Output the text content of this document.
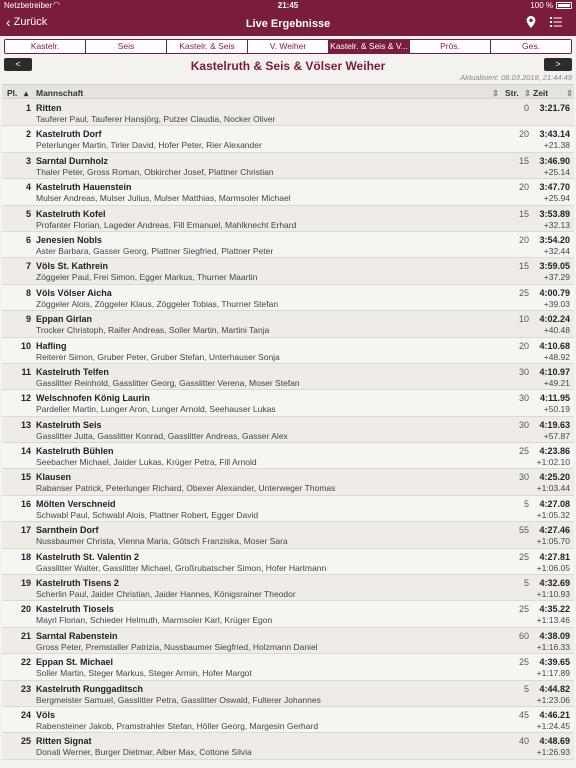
Netzbetreiber ◠	21:45	100 %
‹ Zurück	Live Ergebnisse
Kastelr.	Seis	Kastelr. & Seis	V. Weiher	Kastelr. & Seis & V...	Prös.	Ges.
<	Kastelruth & Seis & Völser Weiher	>
Aktualisiert: 08.03.2018, 21:44:49
Pl. ▴ Mannschaft	⇕ Str. ⇕ Zeit ⇕
1 Ritten
Tauferer Paul, Tauferer Hansjörg, Putzer Claudia, Nocker Oliver
0	3:21.76
2 Kastelruth Dorf
Peterlunger Martin, Tirler David, Hofer Peter, Rier Alexander
20	3:43.14
+21.38
3 Sarntal Durnholz
Thaler Peter, Gross Roman, Obkircher Josef, Plattner Christian
15	3:46.90
+25.14
4 Kastelruth Hauenstein
Mulser Andreas, Mulser Julius, Mulser Matthias, Marmsoler Michael
20	3:47.70
+25.94
5 Kastelruth Kofel
Profanter Florian, Lageder Andreas, Fill Emanuel, Mahlknecht Erhard
15	3:53.89
+32.13
6 Jenesien Nobls
Aster Barbara, Gasser Georg, Plattner Siegfried, Plattner Peter
20	3:54.20
+32.44
7 Völs St. Kathrein
Zöggeler Paul, Frei Simon, Egger Markus, Thurner Maartin
15	3:59.05
+37.29
8 Völs Völser Aicha
Zöggeler Alois, Zöggeler Klaus, Zöggeler Tobias, Thurner Stefan
25	4:00.79
+39.03
9 Eppan Girlan
Trocker Christoph, Raifer Andreas, Soller Martin, Martini Tanja
10	4:02.24
+40.48
10 Hafling
Reiterer Simon, Gruber Peter, Gruber Stefan, Unterhauser Sonja
20	4:10.68
+48.92
11 Kastelruth Telfen
Gasslitter Reinhold, Gasslitter Georg, Gasslitter Verena, Moser Stefan
30	4:10.97
+49.21
12 Welschnofen König Laurin
Pardeller Martin, Lunger Aron, Lunger Arnold, Seehauser Lukas
30	4:11.95
+50.19
13 Kastelruth Seis
Gasslitter Jutta, Gasslitter Konrad, Gasslitter Andreas, Gasser Alex
30	4:19.63
+57.87
14 Kastelruth Bühlen
Seebacher Michael, Jaider Lukas, Krüger Petra, Fill Arnold
25	4:23.86
+1:02.10
15 Klausen
Rabanser Patrick, Peterlunger Richard, Obexer Alexander, Unterweger Thomas
30	4:25.20
+1:03.44
16 Mölten Verschneid
Schwabl Paul, Schwabl Alois, Plattner Robert, Egger David
5	4:27.08
+1:05.32
17 Sarnthein Dorf
Nussbaumer Christa, Vienna Maria, Götsch Franziska, Moser Sara
55	4:27.46
+1:05.70
18 Kastelruth St. Valentin 2
Gasslitter Walter, Gasslitter Michael, Großrubatscher Simon, Hofer Hartmann
25	4:27.81
+1:06.05
19 Kastelruth Tisens 2
Scherlin Paul, Jaider Christian, Jaider Hannes, Königsrainer Theodor
5	4:32.69
+1:10.93
20 Kastelruth Tiosels
Mayrl Florian, Schieder Helmuth, Marmsoler Karl, Krüger Egon
25	4:35.22
+1:13.46
21 Sarntal Rabenstein
Gross Peter, Premstaller Patrizia, Nussbaumer Siegfried, Holzmann Daniel
60	4:38.09
+1:16.33
22 Eppan St. Michael
Soller Martin, Steger Markus, Steger Armin, Hofer Margot
25	4:39.65
+1:17.89
23 Kastelruth Runggaditsch
Bergmeister Samuel, Gasslitter Petra, Gasslitter Oswald, Fulterer Johannes
5	4:44.82
+1:23.06
24 Völs
Rabensteiner Jakob, Pramstrahler Stefan, Höller Georg, Margesin Gerhard
45	4:46.21
+1:24.45
25 Ritten Signat
Donati Werner, Burger Dietmar, Alber Max, Cottone Silvia
40	4:48.69
+1:26.93
